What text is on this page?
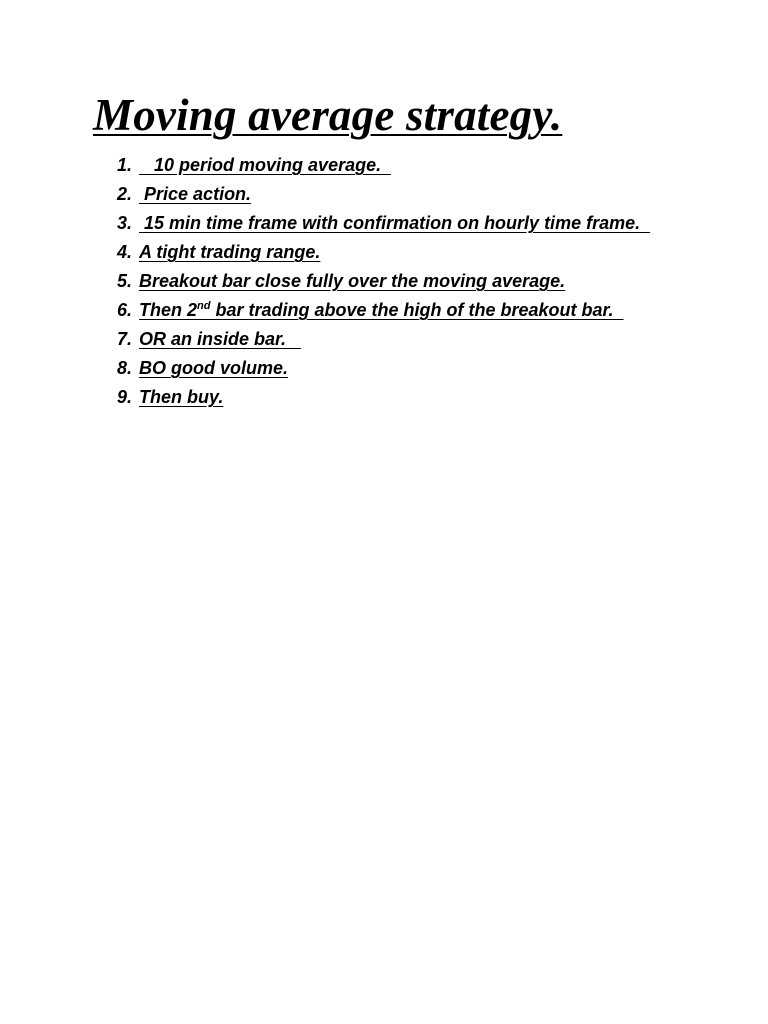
Moving average strategy.
1. 10 period moving average.
2. Price action.
3. 15 min time frame with confirmation on hourly time frame.
4. A tight trading range.
5. Breakout bar close fully over the moving average.
6. Then 2nd bar trading above the high of the breakout bar.
7. OR an inside bar.
8. BO good volume.
9. Then buy.
